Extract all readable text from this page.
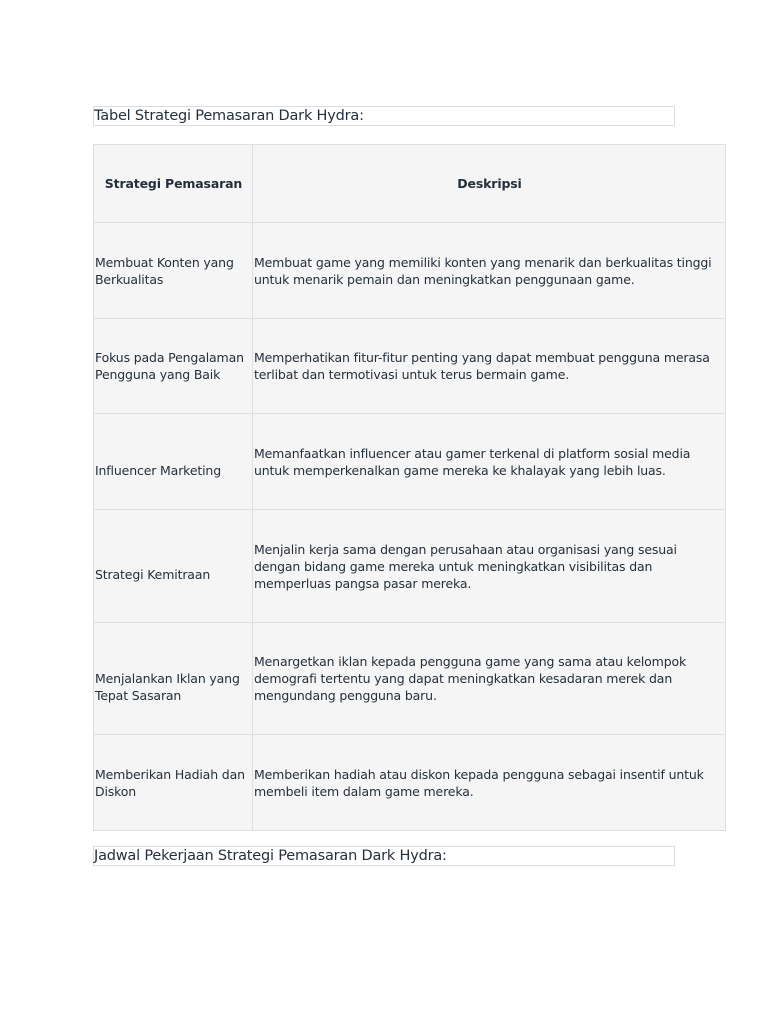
Tabel Strategi Pemasaran Dark Hydra:
Strategi Pemasaran	Deskripsi
Membuat Konten yang Berkualitas	Membuat game yang memiliki konten yang menarik dan berkualitas tinggi untuk menarik pemain dan meningkatkan penggunaan game.
Fokus pada Pengalaman Pengguna yang Baik	Memperhatikan fitur-fitur penting yang dapat membuat pengguna merasa terlibat dan termotivasi untuk terus bermain game.

Influencer Marketing	Memanfaatkan influencer atau gamer terkenal di platform sosial media untuk memperkenalkan game mereka ke khalayak yang lebih luas.

Strategi Kemitraan	Menjalin kerja sama dengan perusahaan atau organisasi yang sesuai dengan bidang game mereka untuk meningkatkan visibilitas dan memperluas pangsa pasar mereka.

Menjalankan Iklan yang Tepat Sasaran	Menargetkan iklan kepada pengguna game yang sama atau kelompok demografi tertentu yang dapat meningkatkan kesadaran merek dan mengundang pengguna baru.
Memberikan Hadiah dan Diskon	Memberikan hadiah atau diskon kepada pengguna sebagai insentif untuk membeli item dalam game mereka.
Jadwal Pekerjaan Strategi Pemasaran Dark Hydra:
